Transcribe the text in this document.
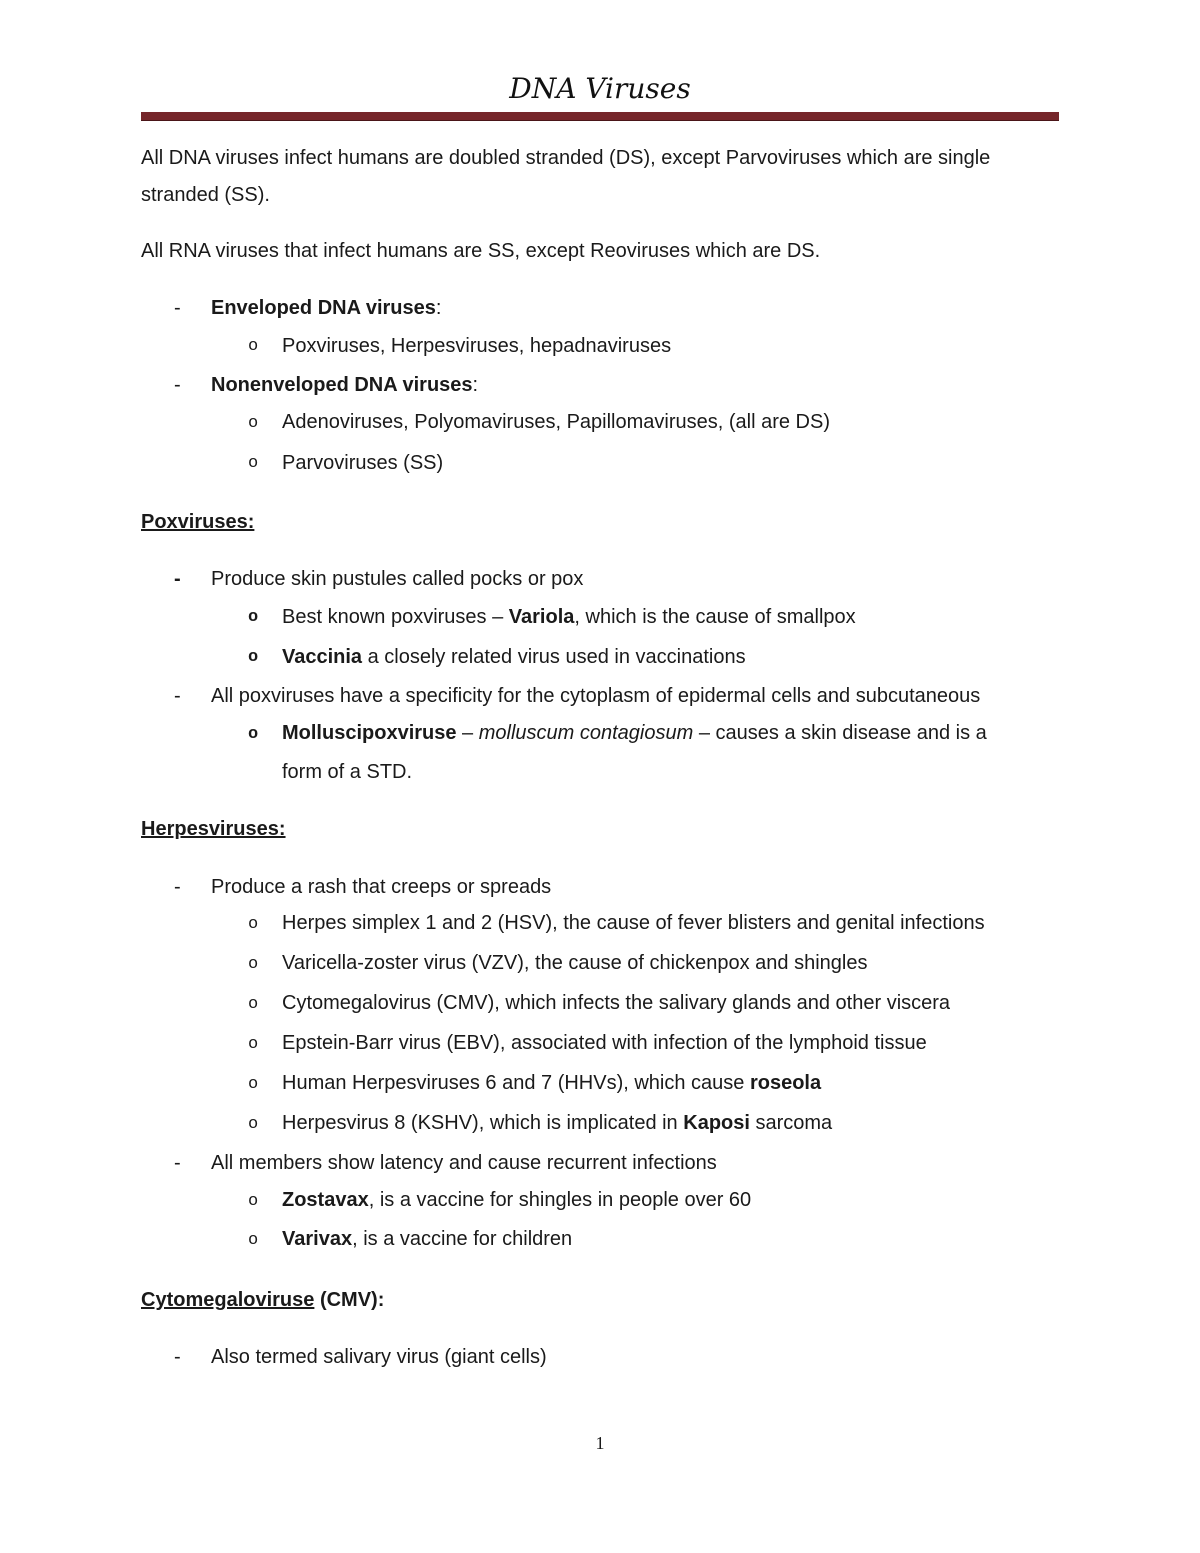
DNA Viruses
All DNA viruses infect humans are doubled stranded (DS), except Parvoviruses which are single
stranded (SS).
All RNA viruses that infect humans are SS, except Reoviruses which are DS.
- Enveloped DNA viruses:
o Poxviruses, Herpesviruses, hepadnaviruses
- Nonenveloped DNA viruses:
o Adenoviruses, Polyomaviruses, Papillomaviruses, (all are DS)
o Parvoviruses (SS)
Poxviruses:
- Produce skin pustules called pocks or pox
o Best known poxviruses – Variola, which is the cause of smallpox
o Vaccinia a closely related virus used in vaccinations
- All poxviruses have a specificity for the cytoplasm of epidermal cells and subcutaneous
o Molluscipoxviruse – molluscum contagiosum – causes a skin disease and is a
form of a STD.
Herpesviruses:
- Produce a rash that creeps or spreads
o Herpes simplex 1 and 2 (HSV), the cause of fever blisters and genital infections
o Varicella-zoster virus (VZV), the cause of chickenpox and shingles
o Cytomegalovirus (CMV), which infects the salivary glands and other viscera
o Epstein-Barr virus (EBV), associated with infection of the lymphoid tissue
o Human Herpesviruses 6 and 7 (HHVs), which cause roseola
o Herpesvirus 8 (KSHV), which is implicated in Kaposi sarcoma
- All members show latency and cause recurrent infections
o Zostavax, is a vaccine for shingles in people over 60
o Varivax, is a vaccine for children
Cytomegaloviruse (CMV):
- Also termed salivary virus (giant cells)
1
